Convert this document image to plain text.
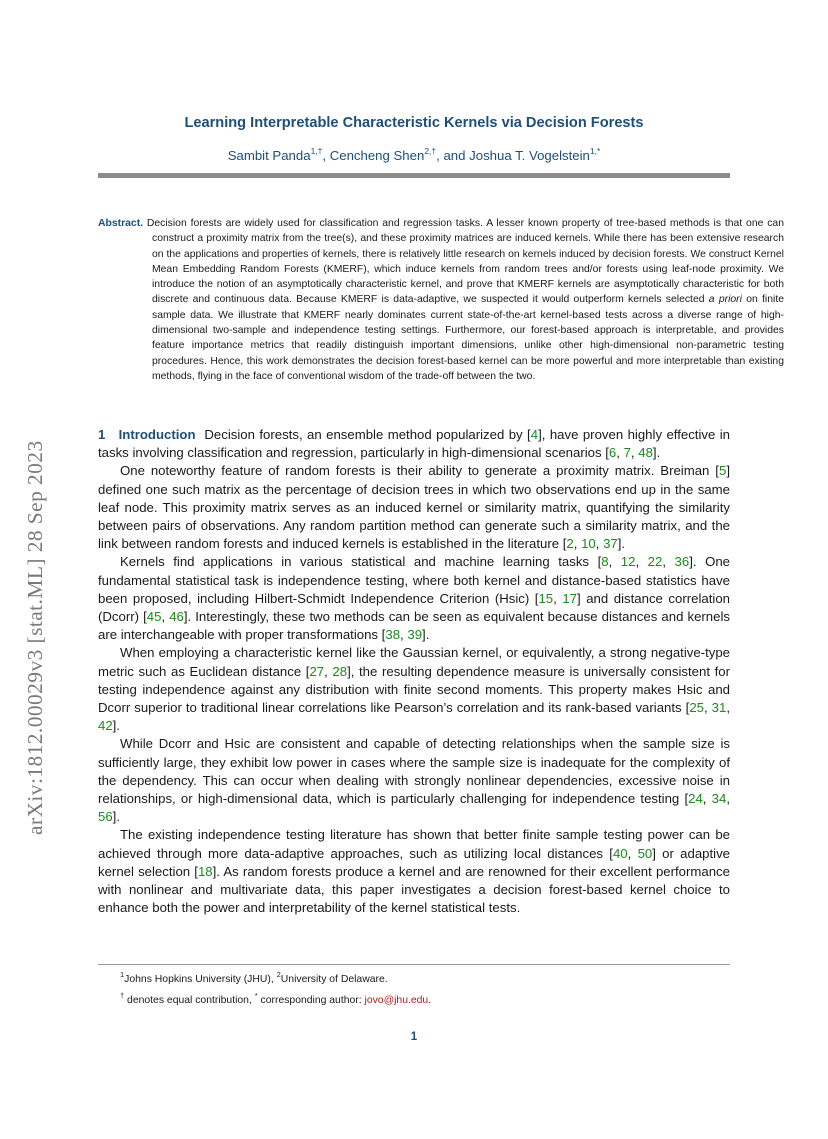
arXiv:1812.00029v3 [stat.ML] 28 Sep 2023
Learning Interpretable Characteristic Kernels via Decision Forests
Sambit Panda$^{1,\dagger}$, Cencheng Shen$^{2,\dagger}$, and Joshua T. Vogelstein$^{1,*}$
Abstract. Decision forests are widely used for classification and regression tasks. A lesser known property of tree-based methods is that one can construct a proximity matrix from the tree(s), and these proximity matrices are induced kernels. While there has been extensive research on the applications and properties of kernels, there is relatively little research on kernels induced by decision forests. We construct Kernel Mean Embedding Random Forests (KMERF), which induce kernels from random trees and/or forests using leaf-node proximity. We introduce the notion of an asymptotically characteristic kernel, and prove that KMERF kernels are asymptotically characteristic for both discrete and continuous data. Because KMERF is data-adaptive, we suspected it would outperform kernels selected a priori on finite sample data. We illustrate that KMERF nearly dominates current state-of-the-art kernel-based tests across a diverse range of high-dimensional two-sample and independence testing settings. Furthermore, our forest-based approach is interpretable, and provides feature importance metrics that readily distinguish important dimensions, unlike other high-dimensional non-parametric testing procedures. Hence, this work demonstrates the decision forest-based kernel can be more powerful and more interpretable than existing methods, flying in the face of conventional wisdom of the trade-off between the two.

1 Introduction Decision forests, an ensemble method popularized by [4], have proven highly effective in tasks involving classification and regression, particularly in high-dimensional scenarios [6, 7, 48].

One noteworthy feature of random forests is their ability to generate a proximity matrix. Breiman [5] defined one such matrix as the percentage of decision trees in which two observations end up in the same leaf node. This proximity matrix serves as an induced kernel or similarity matrix, quantifying the similarity between pairs of observations. Any random partition method can generate such a similarity matrix, and the link between random forests and induced kernels is established in the literature [2, 10, 37].

Kernels find applications in various statistical and machine learning tasks [8, 12, 22, 36]. One fundamental statistical task is independence testing, where both kernel and distance-based statistics have been proposed, including Hilbert-Schmidt Independence Criterion (Hsic) [15, 17] and distance correlation (Dcorr) [45, 46]. Interestingly, these two methods can be seen as equivalent because distances and kernels are interchangeable with proper transformations [38, 39].

When employing a characteristic kernel like the Gaussian kernel, or equivalently, a strong negative-type metric such as Euclidean distance [27, 28], the resulting dependence measure is universally consistent for testing independence against any distribution with finite second moments. This property makes Hsic and Dcorr superior to traditional linear correlations like Pearson’s correlation and its rank-based variants [25, 31, 42].

While Dcorr and Hsic are consistent and capable of detecting relationships when the sample size is sufficiently large, they exhibit low power in cases where the sample size is inadequate for the complexity of the dependency. This can occur when dealing with strongly nonlinear dependencies, excessive noise in relationships, or high-dimensional data, which is particularly challenging for independence testing [24, 34, 56].

The existing independence testing literature has shown that better finite sample testing power can be achieved through more data-adaptive approaches, such as utilizing local distances [40, 50] or adaptive kernel selection [18]. As random forests produce a kernel and are renowned for their excellent performance with nonlinear and multivariate data, this paper investigates a decision forest-based kernel choice to enhance both the power and interpretability of the kernel statistical tests.

$^1$Johns Hopkins University (JHU), $^2$University of Delaware.
† denotes equal contribution, * corresponding author: jovo@jhu.edu.
1
